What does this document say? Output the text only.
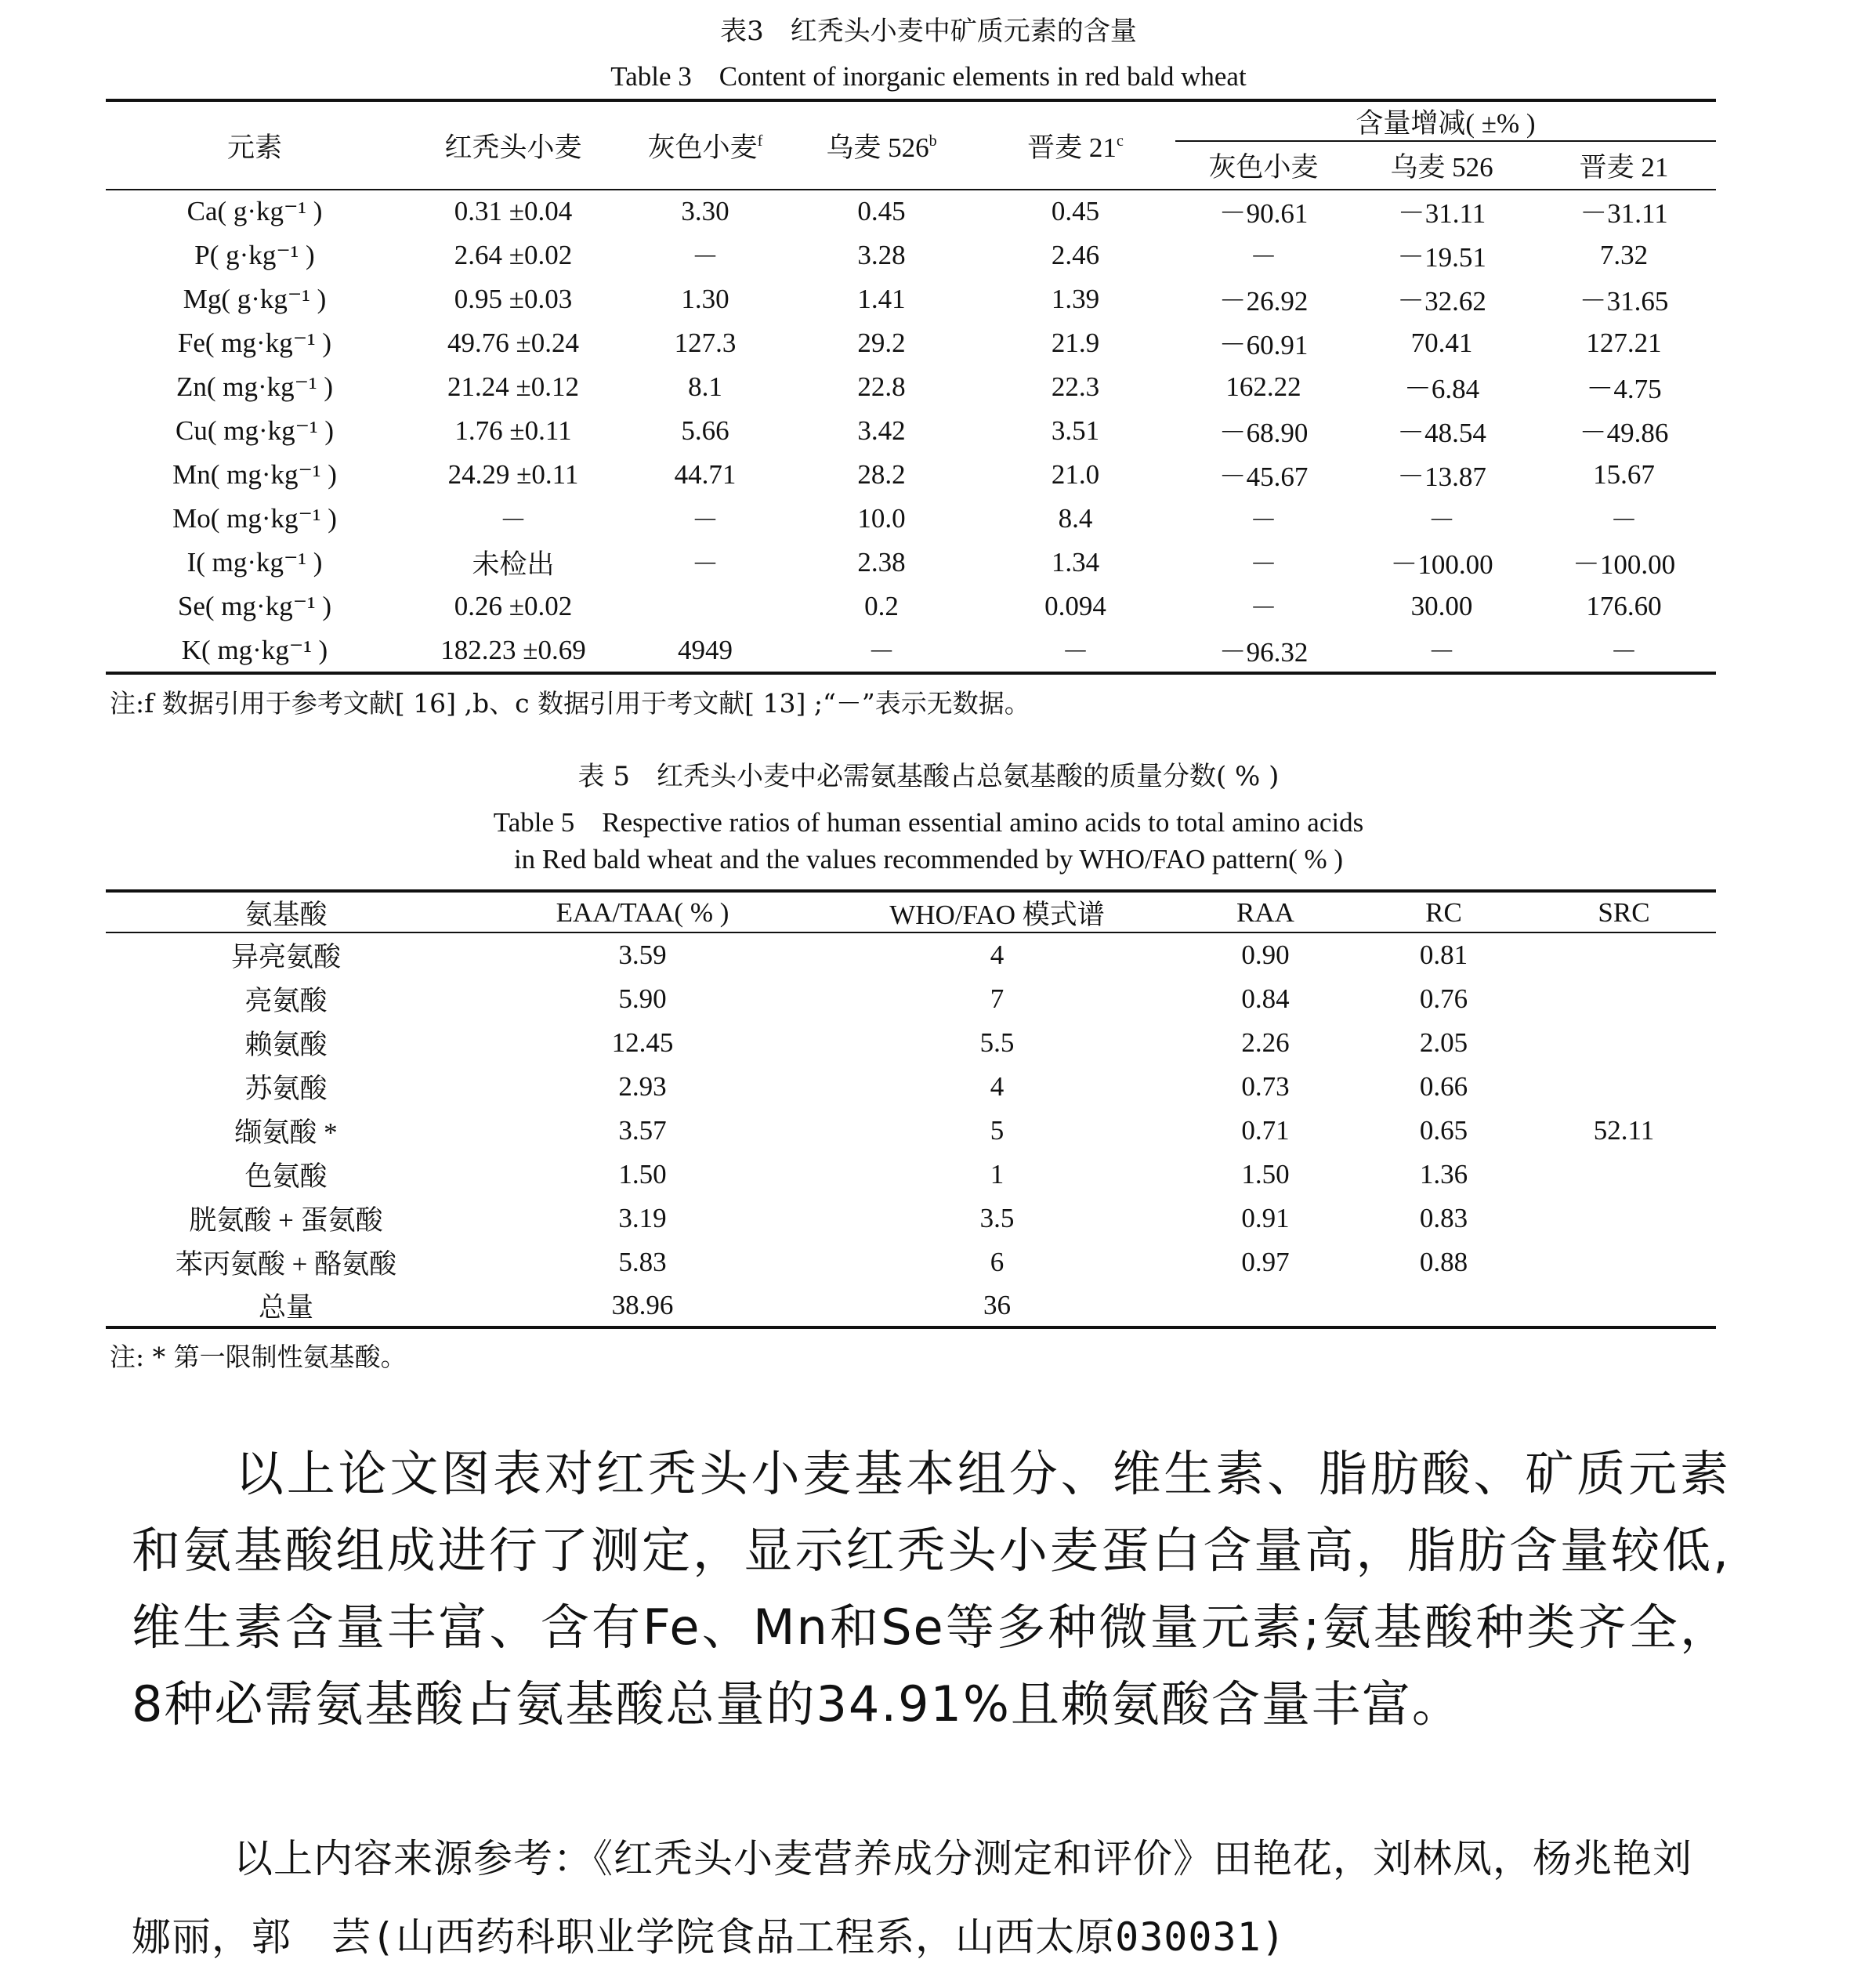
表3　红秃头小麦中矿质元素的含量
Table 3　Content of inorganic elements in red bald wheat
元素	红秃头小麦	灰色小麦$^f$	乌麦 526$^b$	晋麦 21$^c$	含量增减( ±% )		
					灰色小麦	乌麦 526	晋麦 21
Ca( g·kg⁻¹ )	0.31 ±0.04	3.30	0.45	0.45	－90.61	－31.11	－31.11
P( g·kg⁻¹ )	2.64 ±0.02	－	3.28	2.46	－	－19.51	7.32
Mg( g·kg⁻¹ )	0.95 ±0.03	1.30	1.41	1.39	－26.92	－32.62	－31.65
Fe( mg·kg⁻¹ )	49.76 ±0.24	127.3	29.2	21.9	－60.91	70.41	127.21
Zn( mg·kg⁻¹ )	21.24 ±0.12	8.1	22.8	22.3	162.22	－6.84	－4.75
Cu( mg·kg⁻¹ )	1.76 ±0.11	5.66	3.42	3.51	－68.90	－48.54	－49.86
Mn( mg·kg⁻¹ )	24.29 ±0.11	44.71	28.2	21.0	－45.67	－13.87	15.67
Mo( mg·kg⁻¹ )	－	－	10.0	8.4	－	－	－
I( mg·kg⁻¹ )	未检出	－	2.38	1.34	－	－100.00	－100.00
Se( mg·kg⁻¹ )	0.26 ±0.02		0.2	0.094	－	30.00	176.60
K( mg·kg⁻¹ )	182.23 ±0.69	4949	－	－	－96.32	－	－
注:f 数据引用于参考文献[ 16] ,b、c 数据引用于考文献[ 13] ;“－”表示无数据。
表 5　红秃头小麦中必需氨基酸占总氨基酸的质量分数( % )
Table 5　Respective ratios of human essential amino acids to total amino acids
in Red bald wheat and the values recommended by WHO/FAO pattern( % )
氨基酸	EAA/TAA( % )	WHO/FAO 模式谱	RAA	RC	SRC
异亮氨酸	3.59	4	0.90	0.81	
亮氨酸	5.90	7	0.84	0.76	
赖氨酸	12.45	5.5	2.26	2.05	
苏氨酸	2.93	4	0.73	0.66	
缬氨酸 *	3.57	5	0.71	0.65	52.11
色氨酸	1.50	1	1.50	1.36	
胱氨酸 + 蛋氨酸	3.19	3.5	0.91	0.83	
苯丙氨酸 + 酪氨酸	5.83	6	0.97	0.88	
总量	38.96	36			
注: * 第一限制性氨基酸。
以上论文图表对红秃头小麦基本组分、维生素、脂肪酸、矿质元素和氨基酸组成进行了测定，显示红秃头小麦蛋白含量高，脂肪含量较低,维生素含量丰富、含有Fe、Mn和Se等多种微量元素;氨基酸种类齐全，8种必需氨基酸占氨基酸总量的34.91%且赖氨酸含量丰富。
以上内容来源参考：《红秃头小麦营养成分测定和评价》田艳花，刘林凤，杨兆艳刘娜丽，郭　芸(山西药科职业学院食品工程系，山西太原030031)
